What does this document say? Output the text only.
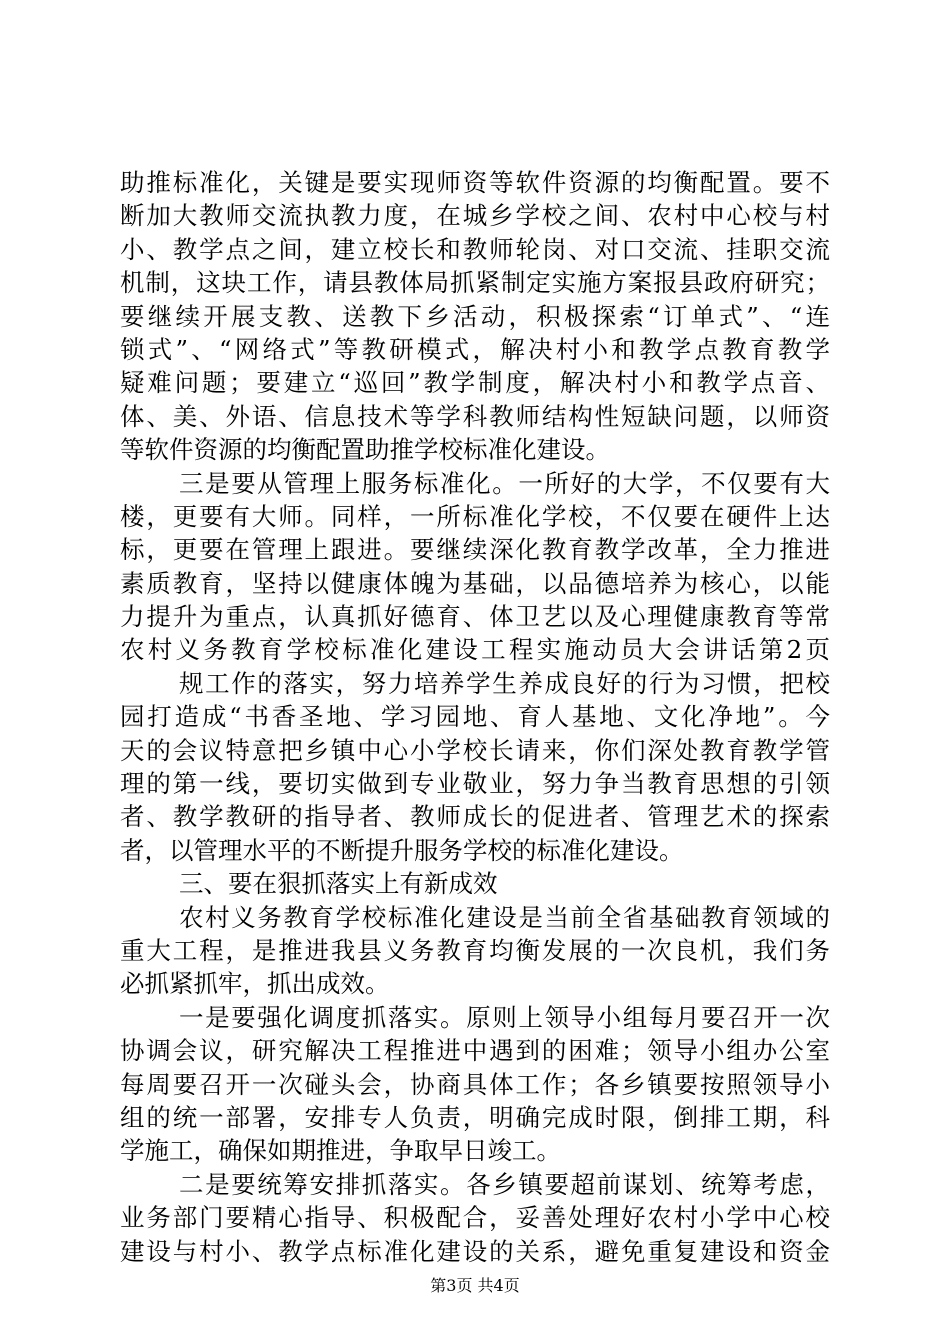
助推标准化，关键是要实现师资等软件资源的均衡配置。要不
断加大教师交流执教力度，在城乡学校之间、农村中心校与村
小、教学点之间，建立校长和教师轮岗、对口交流、挂职交流
机制，这块工作，请县教体局抓紧制定实施方案报县政府研究；
要继续开展支教、送教下乡活动，积极探索“订单式”、“连
锁式”、“网络式”等教研模式，解决村小和教学点教育教学
疑难问题；要建立“巡回”教学制度，解决村小和教学点音、
体、美、外语、信息技术等学科教师结构性短缺问题，以师资
等软件资源的均衡配置助推学校标准化建设。
三是要从管理上服务标准化。一所好的大学，不仅要有大
楼，更要有大师。同样，一所标准化学校，不仅要在硬件上达
标，更要在管理上跟进。要继续深化教育教学改革，全力推进
素质教育，坚持以健康体魄为基础，以品德培养为核心，以能
力提升为重点，认真抓好德育、体卫艺以及心理健康教育等常
农村义务教育学校标准化建设工程实施动员大会讲话第2页
规工作的落实，努力培养学生养成良好的行为习惯，把校
园打造成“书香圣地、学习园地、育人基地、文化净地”。今
天的会议特意把乡镇中心小学校长请来，你们深处教育教学管
理的第一线，要切实做到专业敬业，努力争当教育思想的引领
者、教学教研的指导者、教师成长的促进者、管理艺术的探索
者，以管理水平的不断提升服务学校的标准化建设。
三、要在狠抓落实上有新成效
农村义务教育学校标准化建设是当前全省基础教育领域的
重大工程，是推进我县义务教育均衡发展的一次良机，我们务
必抓紧抓牢，抓出成效。
一是要强化调度抓落实。原则上领导小组每月要召开一次
协调会议，研究解决工程推进中遇到的困难；领导小组办公室
每周要召开一次碰头会，协商具体工作；各乡镇要按照领导小
组的统一部署，安排专人负责，明确完成时限，倒排工期，科
学施工，确保如期推进，争取早日竣工。
二是要统筹安排抓落实。各乡镇要超前谋划、统筹考虑，
业务部门要精心指导、积极配合，妥善处理好农村小学中心校
建设与村小、教学点标准化建设的关系，避免重复建设和资金
第3页 共4页
